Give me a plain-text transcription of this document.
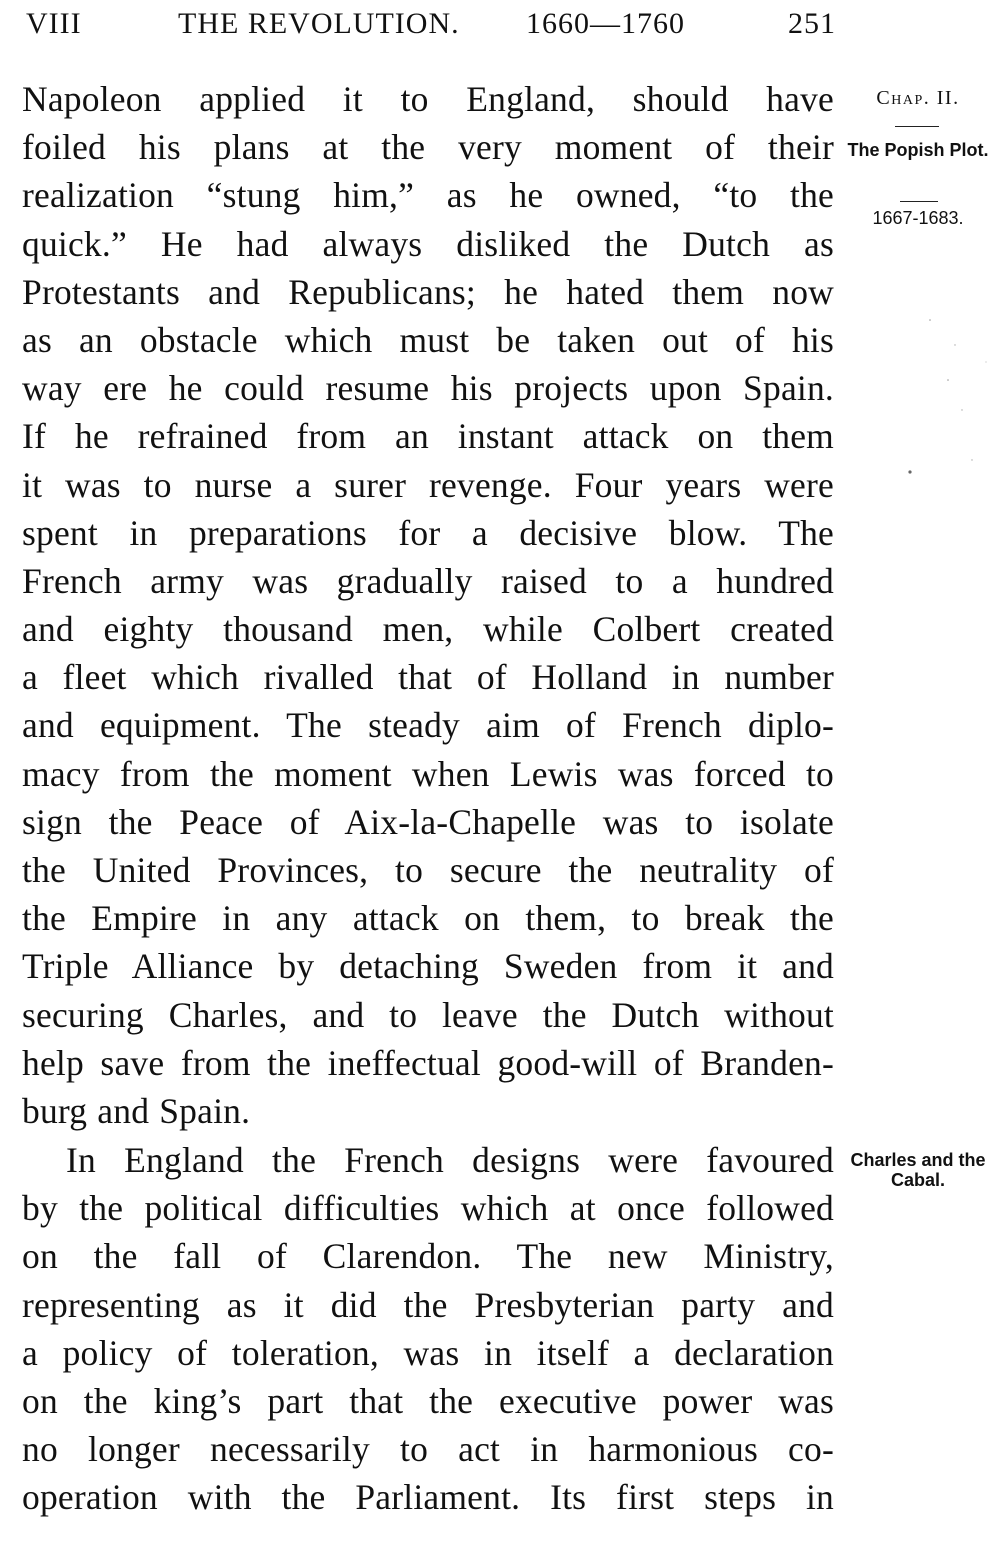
VIII	THE REVOLUTION. 1660—1760	251
Napoleon applied it to England, should have
foiled his plans at the very moment of their
realization “stung him,” as he owned, “to the
quick.” He had always disliked the Dutch as
Protestants and Republicans; he hated them now
as an obstacle which must be taken out of his
way ere he could resume his projects upon Spain.
If he refrained from an instant attack on them
it was to nurse a surer revenge. Four years were
spent in preparations for a decisive blow. The
French army was gradually raised to a hundred
and eighty thousand men, while Colbert created
a fleet which rivalled that of Holland in number
and equipment. The steady aim of French diplo-
macy from the moment when Lewis was forced to
sign the Peace of Aix-la-Chapelle was to isolate
the United Provinces, to secure the neutrality of
the Empire in any attack on them, to break the
Triple Alliance by detaching Sweden from it and
securing Charles, and to leave the Dutch without
help save from the ineffectual good-will of Branden-
burg and Spain.
In England the French designs were favoured
by the political difficulties which at once followed
on the fall of Clarendon. The new Ministry,
representing as it did the Presbyterian party and
a policy of toleration, was in itself a declaration
on the king’s part that the executive power was
no longer necessarily to act in harmonious co-
operation with the Parliament. Its first steps in
Chap. II.
The Popish Plot.
1667-1683.
Charles and the Cabal.
